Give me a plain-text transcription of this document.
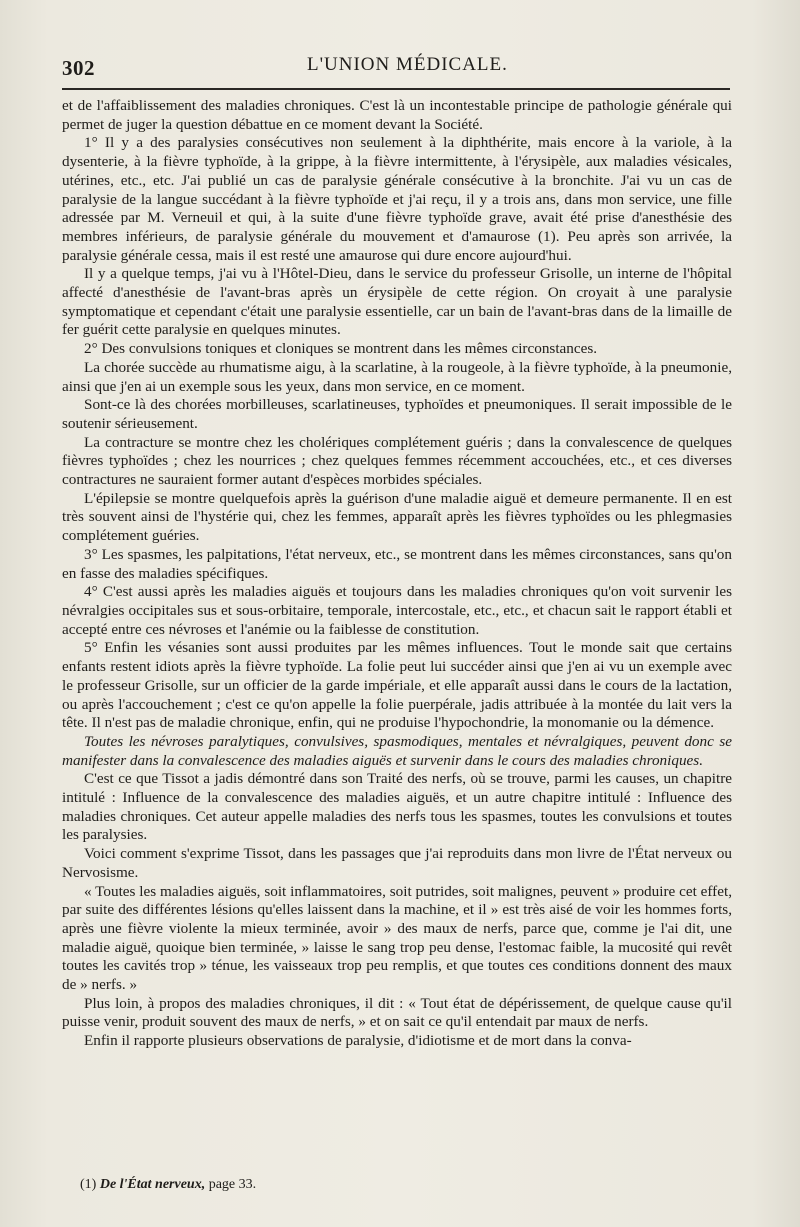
302	L'UNION MÉDICALE.

et de l'affaiblissement des maladies chroniques. C'est là un incontestable principe de pathologie générale qui permet de juger la question débattue en ce moment devant la Société.

1° Il y a des paralysies consécutives non seulement à la diphthérite, mais encore à la variole, à la dysenterie, à la fièvre typhoïde, à la grippe, à la fièvre intermittente, à l'érysipèle, aux maladies vésicales, utérines, etc., etc. J'ai publié un cas de paralysie générale consécutive à la bronchite. J'ai vu un cas de paralysie de la langue succédant à la fièvre typhoïde et j'ai reçu, il y a trois ans, dans mon service, une fille adressée par M. Verneuil et qui, à la suite d'une fièvre typhoïde grave, avait été prise d'anesthésie des membres inférieurs, de paralysie générale du mouvement et d'amaurose (1). Peu après son arrivée, la paralysie générale cessa, mais il est resté une amaurose qui dure encore aujourd'hui.

Il y a quelque temps, j'ai vu à l'Hôtel-Dieu, dans le service du professeur Grisolle, un interne de l'hôpital affecté d'anesthésie de l'avant-bras après un érysipèle de cette région. On croyait à une paralysie symptomatique et cependant c'était une paralysie essentielle, car un bain de l'avant-bras dans de la limaille de fer guérit cette paralysie en quelques minutes.

2° Des convulsions toniques et cloniques se montrent dans les mêmes circonstances.

La chorée succède au rhumatisme aigu, à la scarlatine, à la rougeole, à la fièvre typhoïde, à la pneumonie, ainsi que j'en ai un exemple sous les yeux, dans mon service, en ce moment.

Sont-ce là des chorées morbilleuses, scarlatineuses, typhoïdes et pneumoniques. Il serait impossible de le soutenir sérieusement.

La contracture se montre chez les cholériques complétement guéris ; dans la convalescence de quelques fièvres typhoïdes ; chez les nourrices ; chez quelques femmes récemment accouchées, etc., et ces diverses contractures ne sauraient former autant d'espèces morbides spéciales.

L'épilepsie se montre quelquefois après la guérison d'une maladie aiguë et demeure permanente. Il en est très souvent ainsi de l'hystérie qui, chez les femmes, apparaît après les fièvres typhoïdes ou les phlegmasies complétement guéries.

3° Les spasmes, les palpitations, l'état nerveux, etc., se montrent dans les mêmes circonstances, sans qu'on en fasse des maladies spécifiques.

4° C'est aussi après les maladies aiguës et toujours dans les maladies chroniques qu'on voit survenir les névralgies occipitales sus et sous-orbitaire, temporale, intercostale, etc., etc., et chacun sait le rapport établi et accepté entre ces névroses et l'anémie ou la faiblesse de constitution.

5° Enfin les vésanies sont aussi produites par les mêmes influences. Tout le monde sait que certains enfants restent idiots après la fièvre typhoïde. La folie peut lui succéder ainsi que j'en ai vu un exemple avec le professeur Grisolle, sur un officier de la garde impériale, et elle apparaît aussi dans le cours de la lactation, ou après l'accouchement ; c'est ce qu'on appelle la folie puerpérale, jadis attribuée à la montée du lait vers la tête. Il n'est pas de maladie chronique, enfin, qui ne produise l'hypochondrie, la monomanie ou la démence.

Toutes les névroses paralytiques, convulsives, spasmodiques, mentales et névralgiques, peuvent donc se manifester dans la convalescence des maladies aiguës et survenir dans le cours des maladies chroniques.

C'est ce que Tissot a jadis démontré dans son Traité des nerfs, où se trouve, parmi les causes, un chapitre intitulé : Influence de la convalescence des maladies aiguës, et un autre chapitre intitulé : Influence des maladies chroniques. Cet auteur appelle maladies des nerfs tous les spasmes, toutes les convulsions et toutes les paralysies.

Voici comment s'exprime Tissot, dans les passages que j'ai reproduits dans mon livre de l'État nerveux ou Nervosisme.

« Toutes les maladies aiguës, soit inflammatoires, soit putrides, soit malignes, peuvent » produire cet effet, par suite des différentes lésions qu'elles laissent dans la machine, et il » est très aisé de voir les hommes forts, après une fièvre violente la mieux terminée, avoir » des maux de nerfs, parce que, comme je l'ai dit, une maladie aiguë, quoique bien terminée, » laisse le sang trop peu dense, l'estomac faible, la mucosité qui revêt toutes les cavités trop » ténue, les vaisseaux trop peu remplis, et que toutes ces conditions donnent des maux de » nerfs. »

Plus loin, à propos des maladies chroniques, il dit : « Tout état de dépérissement, de quelque cause qu'il puisse venir, produit souvent des maux de nerfs, » et on sait ce qu'il entendait par maux de nerfs.

Enfin il rapporte plusieurs observations de paralysie, d'idiotisme et de mort dans la conva-

(1) De l'État nerveux, page 33.
